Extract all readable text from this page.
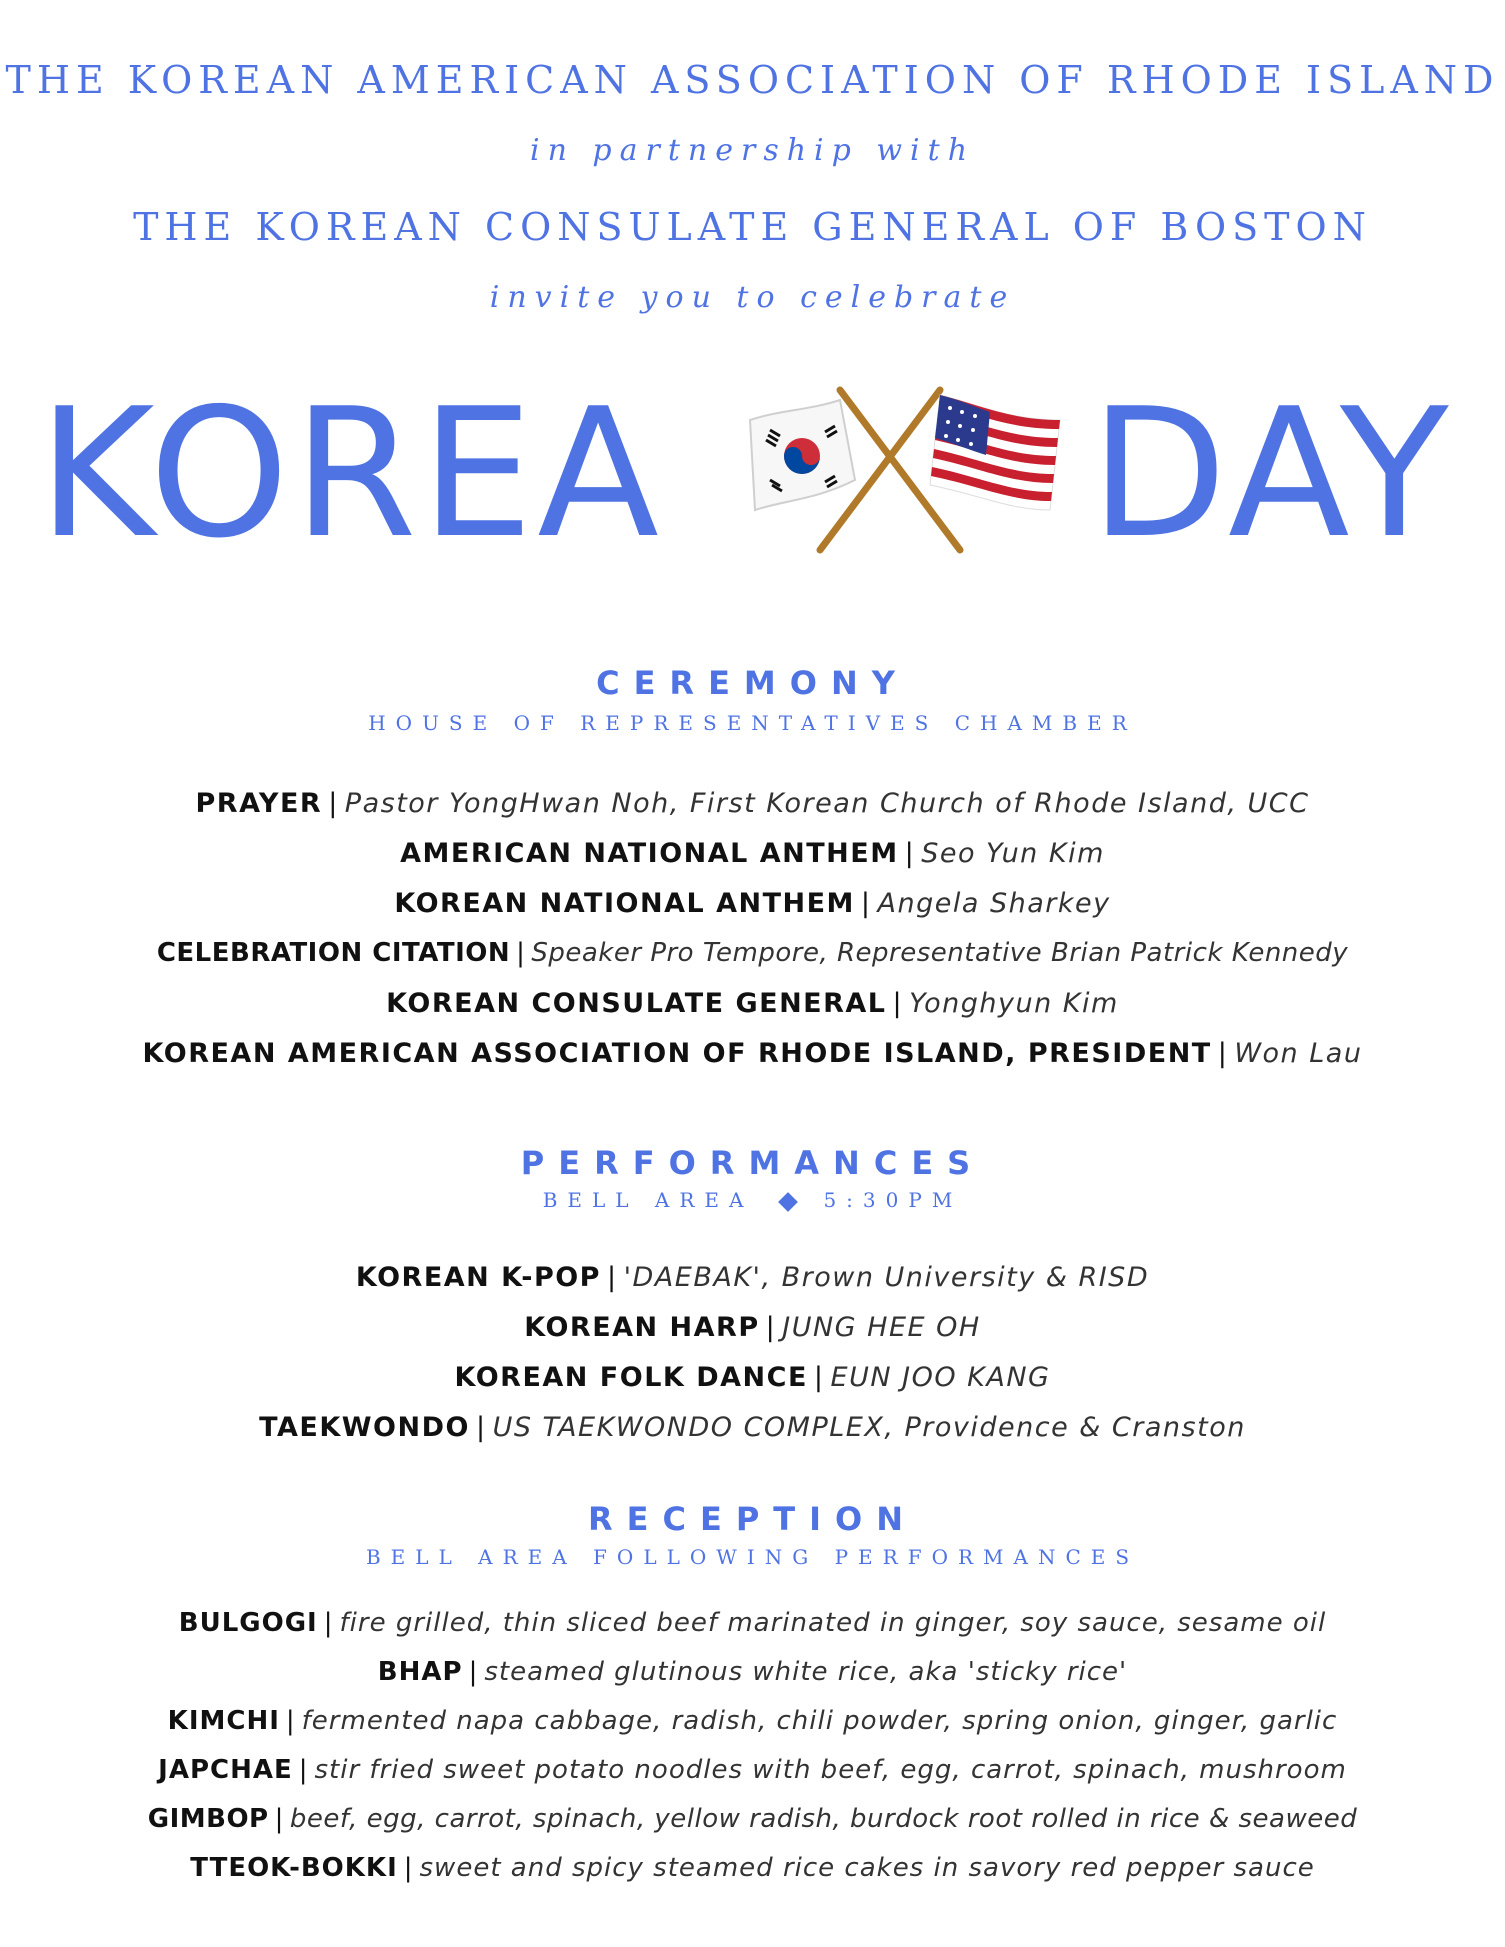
THE KOREAN AMERICAN ASSOCIATION OF RHODE ISLAND
in partnership with
THE KOREAN CONSULATE GENERAL OF BOSTON
invite you to celebrate
KOREA DAY
CEREMONY
HOUSE OF REPRESENTATIVES CHAMBER
PRAYER | Pastor YongHwan Noh, First Korean Church of Rhode Island, UCC
AMERICAN NATIONAL ANTHEM | Seo Yun Kim
KOREAN NATIONAL ANTHEM | Angela Sharkey
CELEBRATION CITATION | Speaker Pro Tempore, Representative Brian Patrick Kennedy
KOREAN CONSULATE GENERAL | Yonghyun Kim
KOREAN AMERICAN ASSOCIATION OF RHODE ISLAND, PRESIDENT | Won Lau
PERFORMANCES
BELL AREA	5:30PM
KOREAN K-POP | 'DAEBAK', Brown University & RISD
KOREAN HARP | JUNG HEE OH
KOREAN FOLK DANCE | EUN JOO KANG
TAEKWONDO | US TAEKWONDO COMPLEX, Providence & Cranston
RECEPTION
BELL AREA FOLLOWING PERFORMANCES
BULGOGI | fire grilled, thin sliced beef marinated in ginger, soy sauce, sesame oil
BHAP | steamed glutinous white rice, aka 'sticky rice'
KIMCHI | fermented napa cabbage, radish, chili powder, spring onion, ginger, garlic
JAPCHAE | stir fried sweet potato noodles with beef, egg, carrot, spinach, mushroom
GIMBOP | beef, egg, carrot, spinach, yellow radish, burdock root rolled in rice & seaweed
TTEOK-BOKKI | sweet and spicy steamed rice cakes in savory red pepper sauce
